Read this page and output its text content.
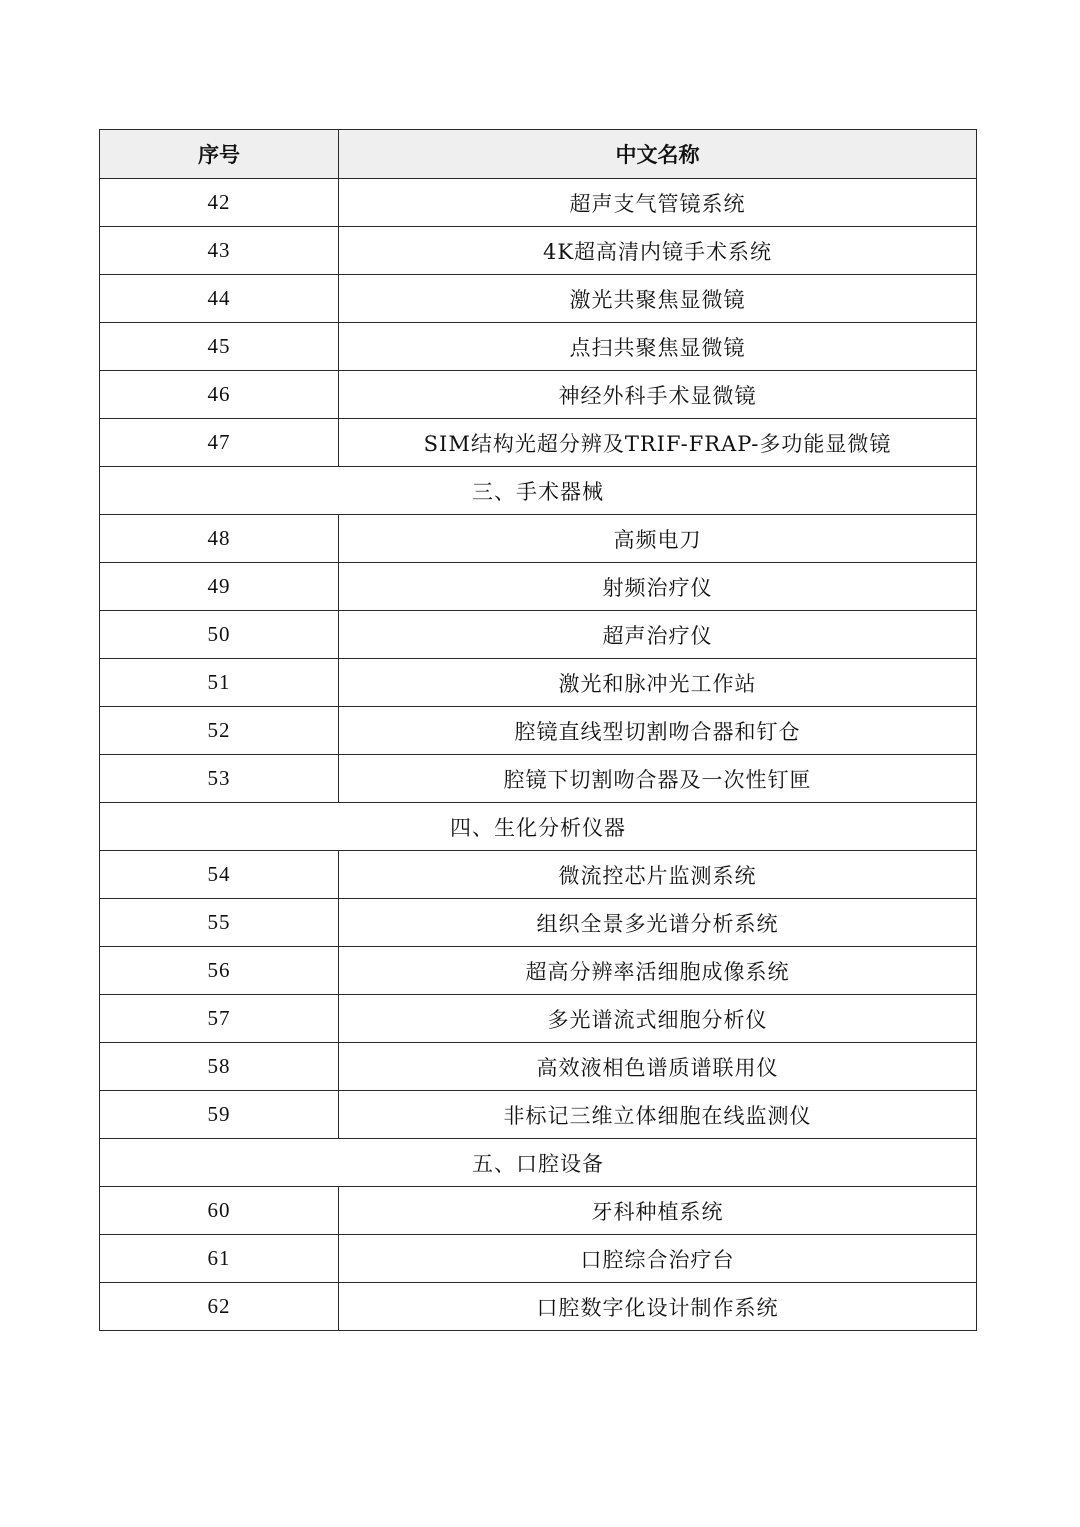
序号	中文名称
42	超声支气管镜系统
43	4K超高清内镜手术系统
44	激光共聚焦显微镜
45	点扫共聚焦显微镜
46	神经外科手术显微镜
47	SIM结构光超分辨及TRIF-FRAP-多功能显微镜
三、手术器械	
48	高频电刀
49	射频治疗仪
50	超声治疗仪
51	激光和脉冲光工作站
52	腔镜直线型切割吻合器和钉仓
53	腔镜下切割吻合器及一次性钉匣
四、生化分析仪器	
54	微流控芯片监测系统
55	组织全景多光谱分析系统
56	超高分辨率活细胞成像系统
57	多光谱流式细胞分析仪
58	高效液相色谱质谱联用仪
59	非标记三维立体细胞在线监测仪
五、口腔设备	
60	牙科种植系统
61	口腔综合治疗台
62	口腔数字化设计制作系统
